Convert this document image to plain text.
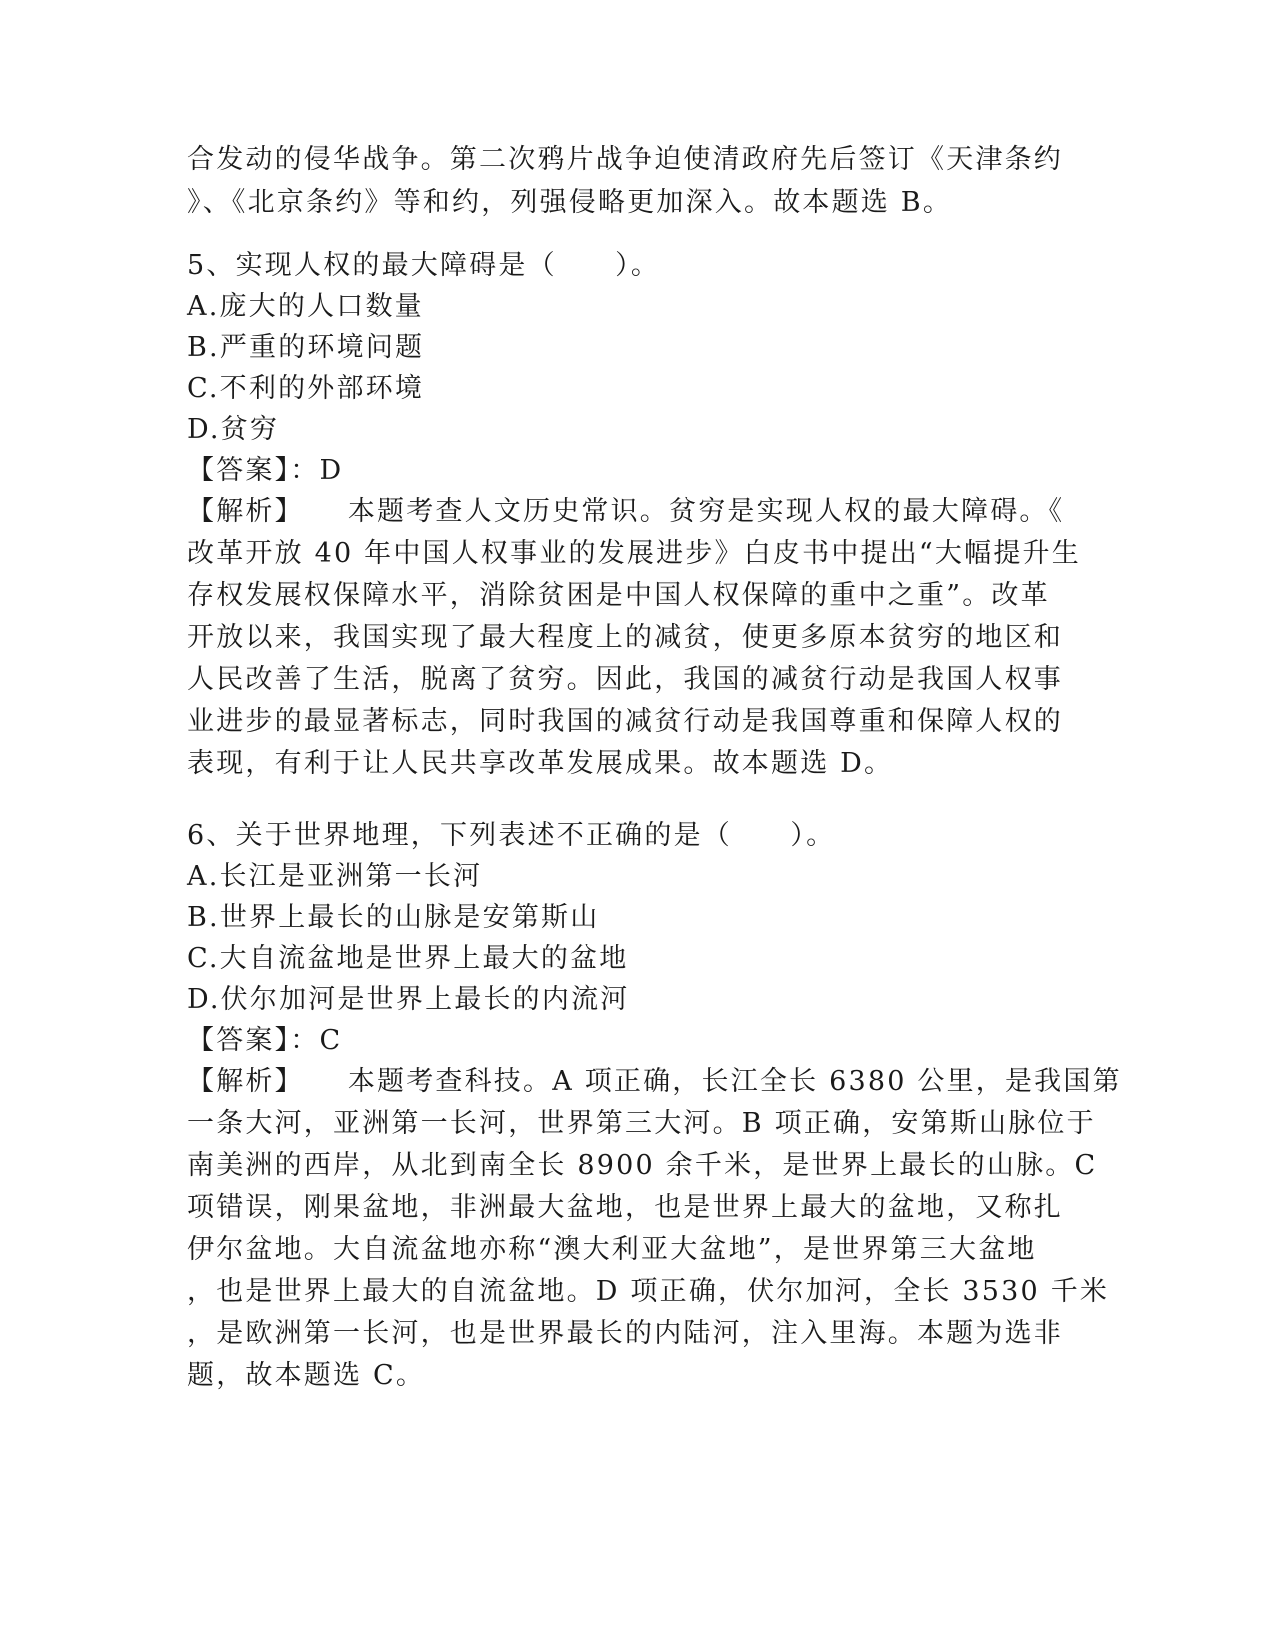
合发动的侵华战争。第二次鸦片战争迫使清政府先后签订《天津条约
》、《北京条约》等和约，列强侵略更加深入。故本题选 B。
5、实现人权的最大障碍是（　　）。
A.庞大的人口数量
B.严重的环境问题
C.不利的外部环境
D.贫穷
【答案】：D
【解析】 本题考查人文历史常识。贫穷是实现人权的最大障碍。《
改革开放 40 年中国人权事业的发展进步》白皮书中提出“大幅提升生
存权发展权保障水平，消除贫困是中国人权保障的重中之重”。改革
开放以来，我国实现了最大程度上的减贫，使更多原本贫穷的地区和
人民改善了生活，脱离了贫穷。因此，我国的减贫行动是我国人权事
业进步的最显著标志，同时我国的减贫行动是我国尊重和保障人权的
表现，有利于让人民共享改革发展成果。故本题选 D。
6、关于世界地理，下列表述不正确的是（　　）。
A.长江是亚洲第一长河
B.世界上最长的山脉是安第斯山
C.大自流盆地是世界上最大的盆地
D.伏尔加河是世界上最长的内流河
【答案】：C
【解析】 本题考查科技。A 项正确，长江全长 6380 公里，是我国第
一条大河，亚洲第一长河，世界第三大河。B 项正确，安第斯山脉位于
南美洲的西岸，从北到南全长 8900 余千米，是世界上最长的山脉。C
项错误，刚果盆地，非洲最大盆地，也是世界上最大的盆地，又称扎
伊尔盆地。大自流盆地亦称“澳大利亚大盆地”，是世界第三大盆地
，也是世界上最大的自流盆地。D 项正确，伏尔加河，全长 3530 千米
，是欧洲第一长河，也是世界最长的内陆河，注入里海。本题为选非
题，故本题选 C。
